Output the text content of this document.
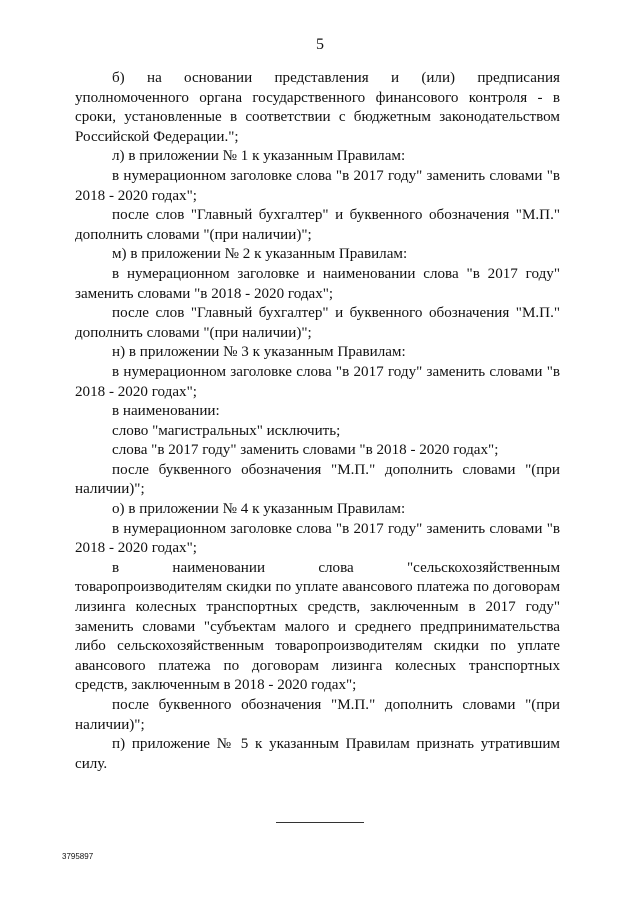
5

б) на основании представления и (или) предписания уполномоченного органа государственного финансового контроля - в сроки, установленные в соответствии с бюджетным законодательством Российской Федерации.";

л) в приложении № 1 к указанным Правилам:

в нумерационном заголовке слова "в 2017 году" заменить словами "в 2018 - 2020 годах";

после слов "Главный бухгалтер" и буквенного обозначения "М.П." дополнить словами "(при наличии)";

м) в приложении № 2 к указанным Правилам:

в нумерационном заголовке и наименовании слова "в 2017 году" заменить словами "в 2018 - 2020 годах";

после слов "Главный бухгалтер" и буквенного обозначения "М.П." дополнить словами "(при наличии)";

н) в приложении № 3 к указанным Правилам:

в нумерационном заголовке слова "в 2017 году" заменить словами "в 2018 - 2020 годах";

в наименовании:

слово "магистральных" исключить;

слова "в 2017 году" заменить словами "в 2018 - 2020 годах";

после буквенного обозначения "М.П." дополнить словами "(при наличии)";

о) в приложении № 4 к указанным Правилам:

в нумерационном заголовке слова "в 2017 году" заменить словами "в 2018 - 2020 годах";

в наименовании слова "сельскохозяйственным товаропроизводителям скидки по уплате авансового платежа по договорам лизинга колесных транспортных средств, заключенным в 2017 году" заменить словами "субъектам малого и среднего предпринимательства либо сельскохозяйственным товаропроизводителям скидки по уплате авансового платежа по договорам лизинга колесных транспортных средств, заключенным в 2018 - 2020 годах";

после буквенного обозначения "М.П." дополнить словами "(при наличии)";

п) приложение № 5 к указанным Правилам признать утратившим силу.

3795897
